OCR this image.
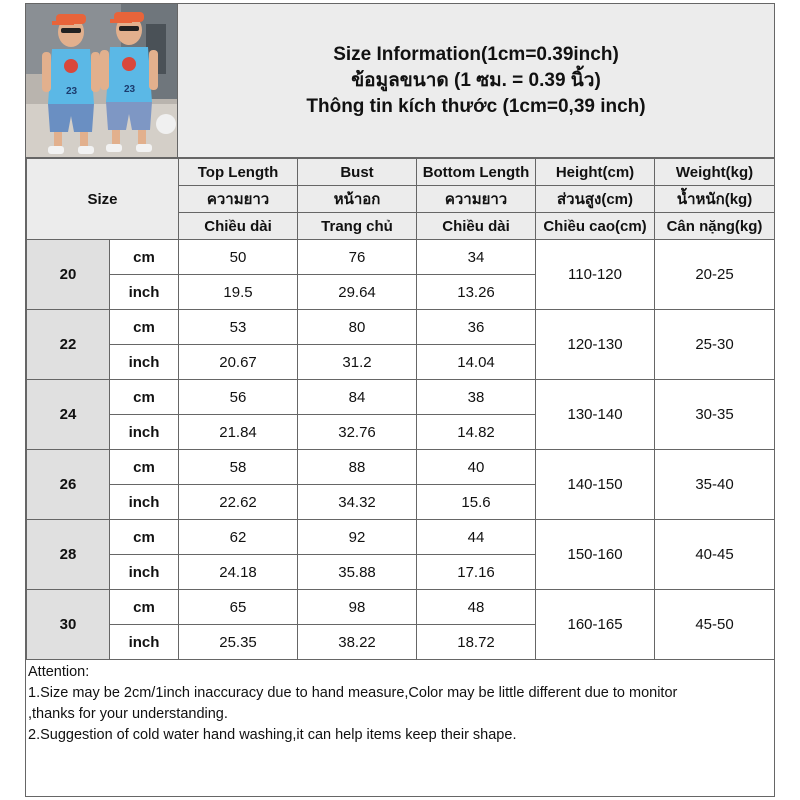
23	23
Size Information(1cm=0.39inch)
ข้อมูลขนาด (1 ซม. = 0.39 นิ้ว)
Thông tin kích thước (1cm=0,39 inch)
Size		Top Length	Bust	Bottom Length	Height(cm)	Weight(kg)
		ความยาว	หน้าอก	ความยาว	ส่วนสูง(cm)	น้ำหนัก(kg)
		Chiều dài	Trang chủ	Chiều dài	Chiều cao(cm)	Cân nặng(kg)
20	cm	50	76	34	110-120	20-25
	inch	19.5	29.64	13.26		
22	cm	53	80	36	120-130	25-30
	inch	20.67	31.2	14.04		
24	cm	56	84	38	130-140	30-35
	inch	21.84	32.76	14.82		
26	cm	58	88	40	140-150	35-40
	inch	22.62	34.32	15.6		
28	cm	62	92	44	150-160	40-45
	inch	24.18	35.88	17.16		
30	cm	65	98	48	160-165	45-50
	inch	25.35	38.22	18.72		
Attention:
1.Size may be 2cm/1inch inaccuracy due to hand measure,Color may be little different due to monitor
,thanks for your understanding.
2.Suggestion of cold water hand washing,it can help items keep their shape.
